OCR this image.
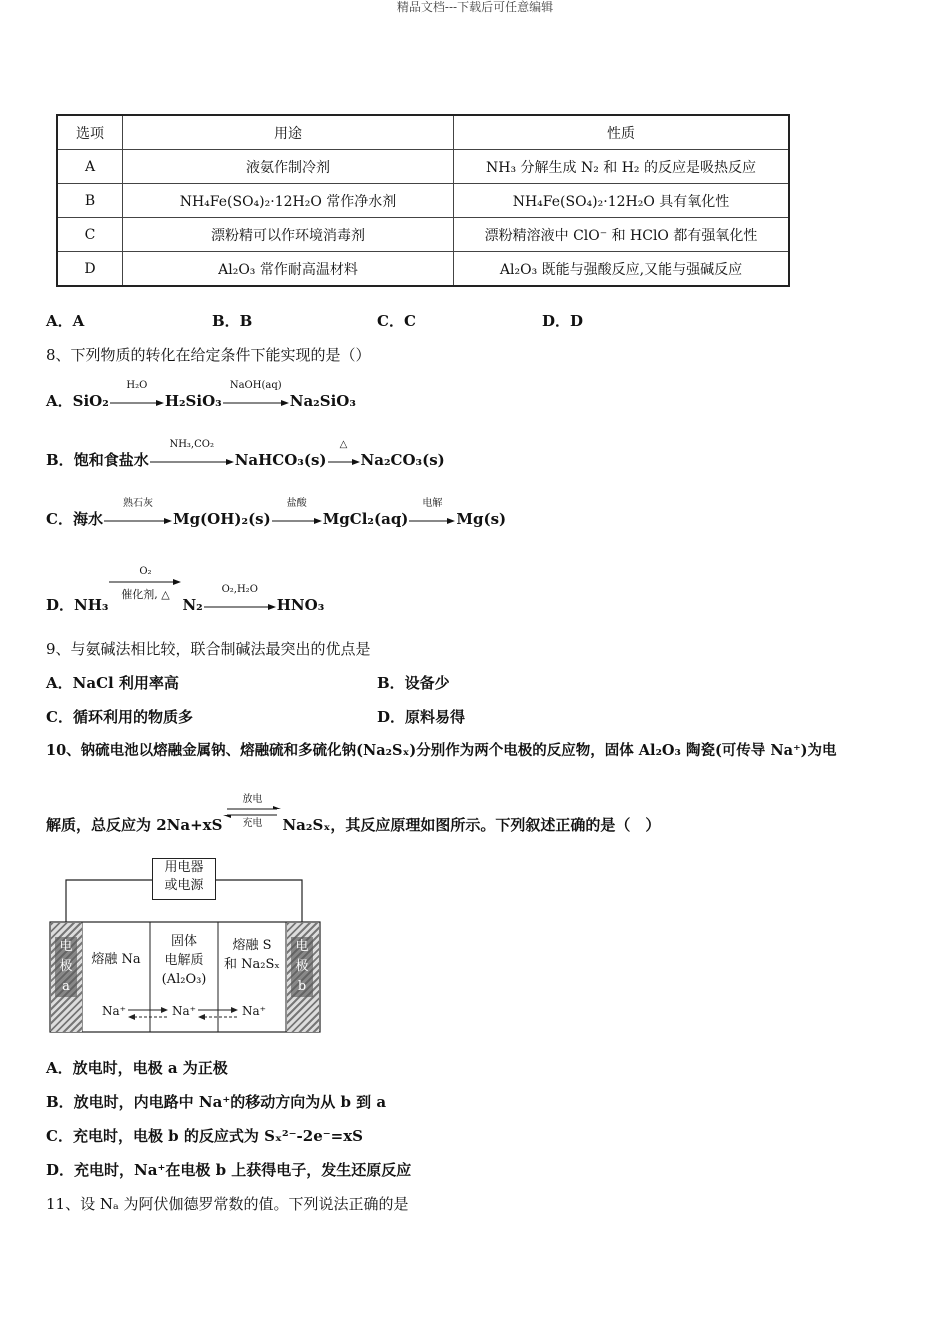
精品文档---下载后可任意编辑
选项	用途	性质
A	液氨作制冷剂	NH₃ 分解生成 N₂ 和 H₂ 的反应是吸热反应
B	NH₄Fe(SO₄)₂·12H₂O 常作净水剂	NH₄Fe(SO₄)₂·12H₂O 具有氧化性
C	漂粉精可以作环境消毒剂	漂粉精溶液中 ClO⁻ 和 HClO 都有强氧化性
D	Al₂O₃ 常作耐高温材料	Al₂O₃ 既能与强酸反应,又能与强碱反应
A．A	B．B	C．C	D．D
8、下列物质的转化在给定条件下能实现的是（）
A．SiO₂
H₂O
H₂SiO₃
NaOH(aq)
Na₂SiO₃
B．饱和食盐水
NH₃,CO₂
NaHCO₃(s)
△
Na₂CO₃(s)
C．海水
熟石灰
Mg(OH)₂(s)
盐酸
MgCl₂(aq)
电解
Mg(s)
D．NH₃
O₂
催化剂, △
N₂
O₂,H₂O
HNO₃
9、与氨碱法相比较，联合制碱法最突出的优点是
A．NaCl 利用率高	B．设备少
C．循环利用的物质多	D．原料易得
10、钠硫电池以熔融金属钠、熔融硫和多硫化钠(Na₂Sₓ)分别作为两个电极的反应物，固体 Al₂O₃ 陶瓷(可传导 Na⁺)为电
解质，总反应为 2Na+xS
放电
充电	Na₂Sₓ，其反应原理如图所示。下列叙述正确的是（　）
用电器
或电源
电
极
a
电
极
b
熔融 Na
固体
电解质
(Al₂O₃)
熔融 S
和 Na₂Sₓ
Na⁺	Na⁺	Na⁺
A．放电时，电极 a 为正极
B．放电时，内电路中 Na⁺的移动方向为从 b 到 a
C．充电时，电极 b 的反应式为 Sₓ²⁻-2e⁻=xS
D．充电时，Na⁺在电极 b 上获得电子，发生还原反应
11、设 Nₐ 为阿伏伽德罗常数的值。下列说法正确的是
